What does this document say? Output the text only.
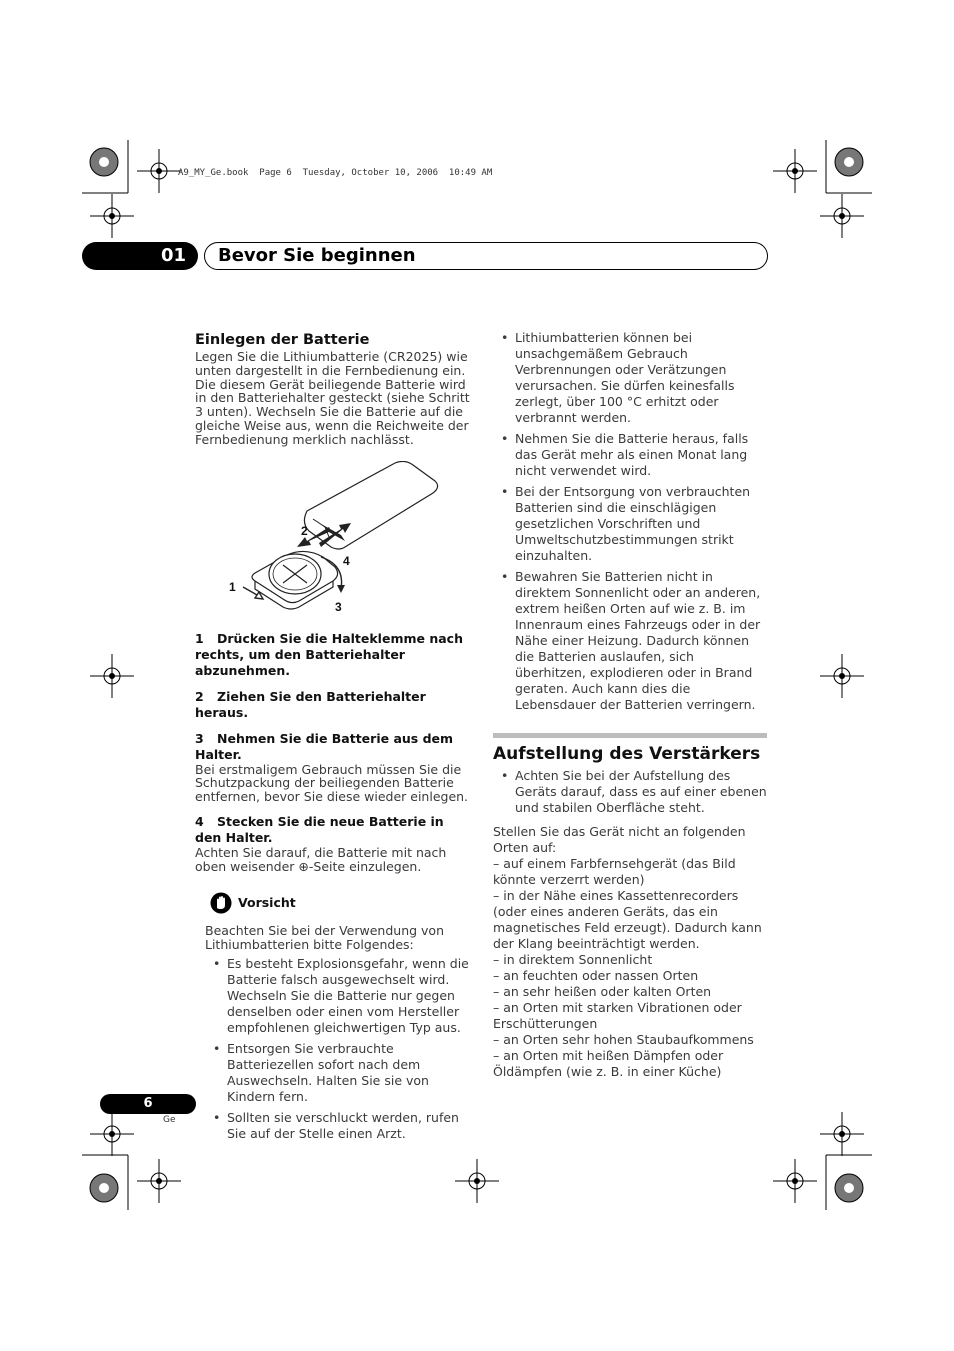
A9_MY_Ge.book  Page 6  Tuesday, October 10, 2006  10:49 AM
01	Bevor Sie beginnen
Einlegen der Batterie

Legen Sie die Lithiumbatterie (CR2025) wie unten dargestellt in die Fernbedienung ein. Die diesem Gerät beiliegende Batterie wird in den Batteriehalter gesteckt (siehe Schritt 3 unten). Wechseln Sie die Batterie auf die gleiche Weise aus, wenn die Reichweite der Fernbedienung merklich nachlässt.

2
4
1
3
1 Drücken Sie die Halteklemme nach rechts, um den Batteriehalter abzunehmen.
2 Ziehen Sie den Batteriehalter heraus.
3 Nehmen Sie die Batterie aus dem Halter.

Bei erstmaligem Gebrauch müssen Sie die Schutzpackung der beiliegenden Batterie entfernen, bevor Sie diese wieder einlegen.

4 Stecken Sie die neue Batterie in den Halter.

Achten Sie darauf, die Batterie mit nach oben weisender ⊕-Seite einzulegen.

Vorsicht

Beachten Sie bei der Verwendung von Lithiumbatterien bitte Folgendes:

• Es besteht Explosionsgefahr, wenn die Batterie falsch ausgewechselt wird. Wechseln Sie die Batterie nur gegen denselben oder einen vom Hersteller empfohlenen gleichwertigen Typ aus.
• Entsorgen Sie verbrauchte Batteriezellen sofort nach dem Auswechseln. Halten Sie sie von Kindern fern.
• Sollten sie verschluckt werden, rufen Sie auf der Stelle einen Arzt.
• Lithiumbatterien können bei unsachgemäßem Gebrauch Verbrennungen oder Verätzungen verursachen. Sie dürfen keinesfalls zerlegt, über 100 °C erhitzt oder verbrannt werden.
• Nehmen Sie die Batterie heraus, falls das Gerät mehr als einen Monat lang nicht verwendet wird.
• Bei der Entsorgung von verbrauchten Batterien sind die einschlägigen gesetzlichen Vorschriften und Umweltschutzbestimmungen strikt einzuhalten.
• Bewahren Sie Batterien nicht in direktem Sonnenlicht oder an anderen, extrem heißen Orten auf wie z. B. im Innenraum eines Fahrzeugs oder in der Nähe einer Heizung. Dadurch können die Batterien auslaufen, sich überhitzen, explodieren oder in Brand geraten. Auch kann dies die Lebensdauer der Batterien verringern.
Aufstellung des Verstärkers
• Achten Sie bei der Aufstellung des Geräts darauf, dass es auf einer ebenen und stabilen Oberfläche steht.

Stellen Sie das Gerät nicht an folgenden Orten auf:

– auf einem Farbfernsehgerät (das Bild könnte verzerrt werden)

– in der Nähe eines Kassettenrecorders (oder eines anderen Geräts, das ein magnetisches Feld erzeugt). Dadurch kann der Klang beeinträchtigt werden.

– in direktem Sonnenlicht

– an feuchten oder nassen Orten

– an sehr heißen oder kalten Orten

– an Orten mit starken Vibrationen oder Erschütterungen

– an Orten sehr hohen Staubaufkommens

– an Orten mit heißen Dämpfen oder Öldämpfen (wie z. B. in einer Küche)

6
Ge
